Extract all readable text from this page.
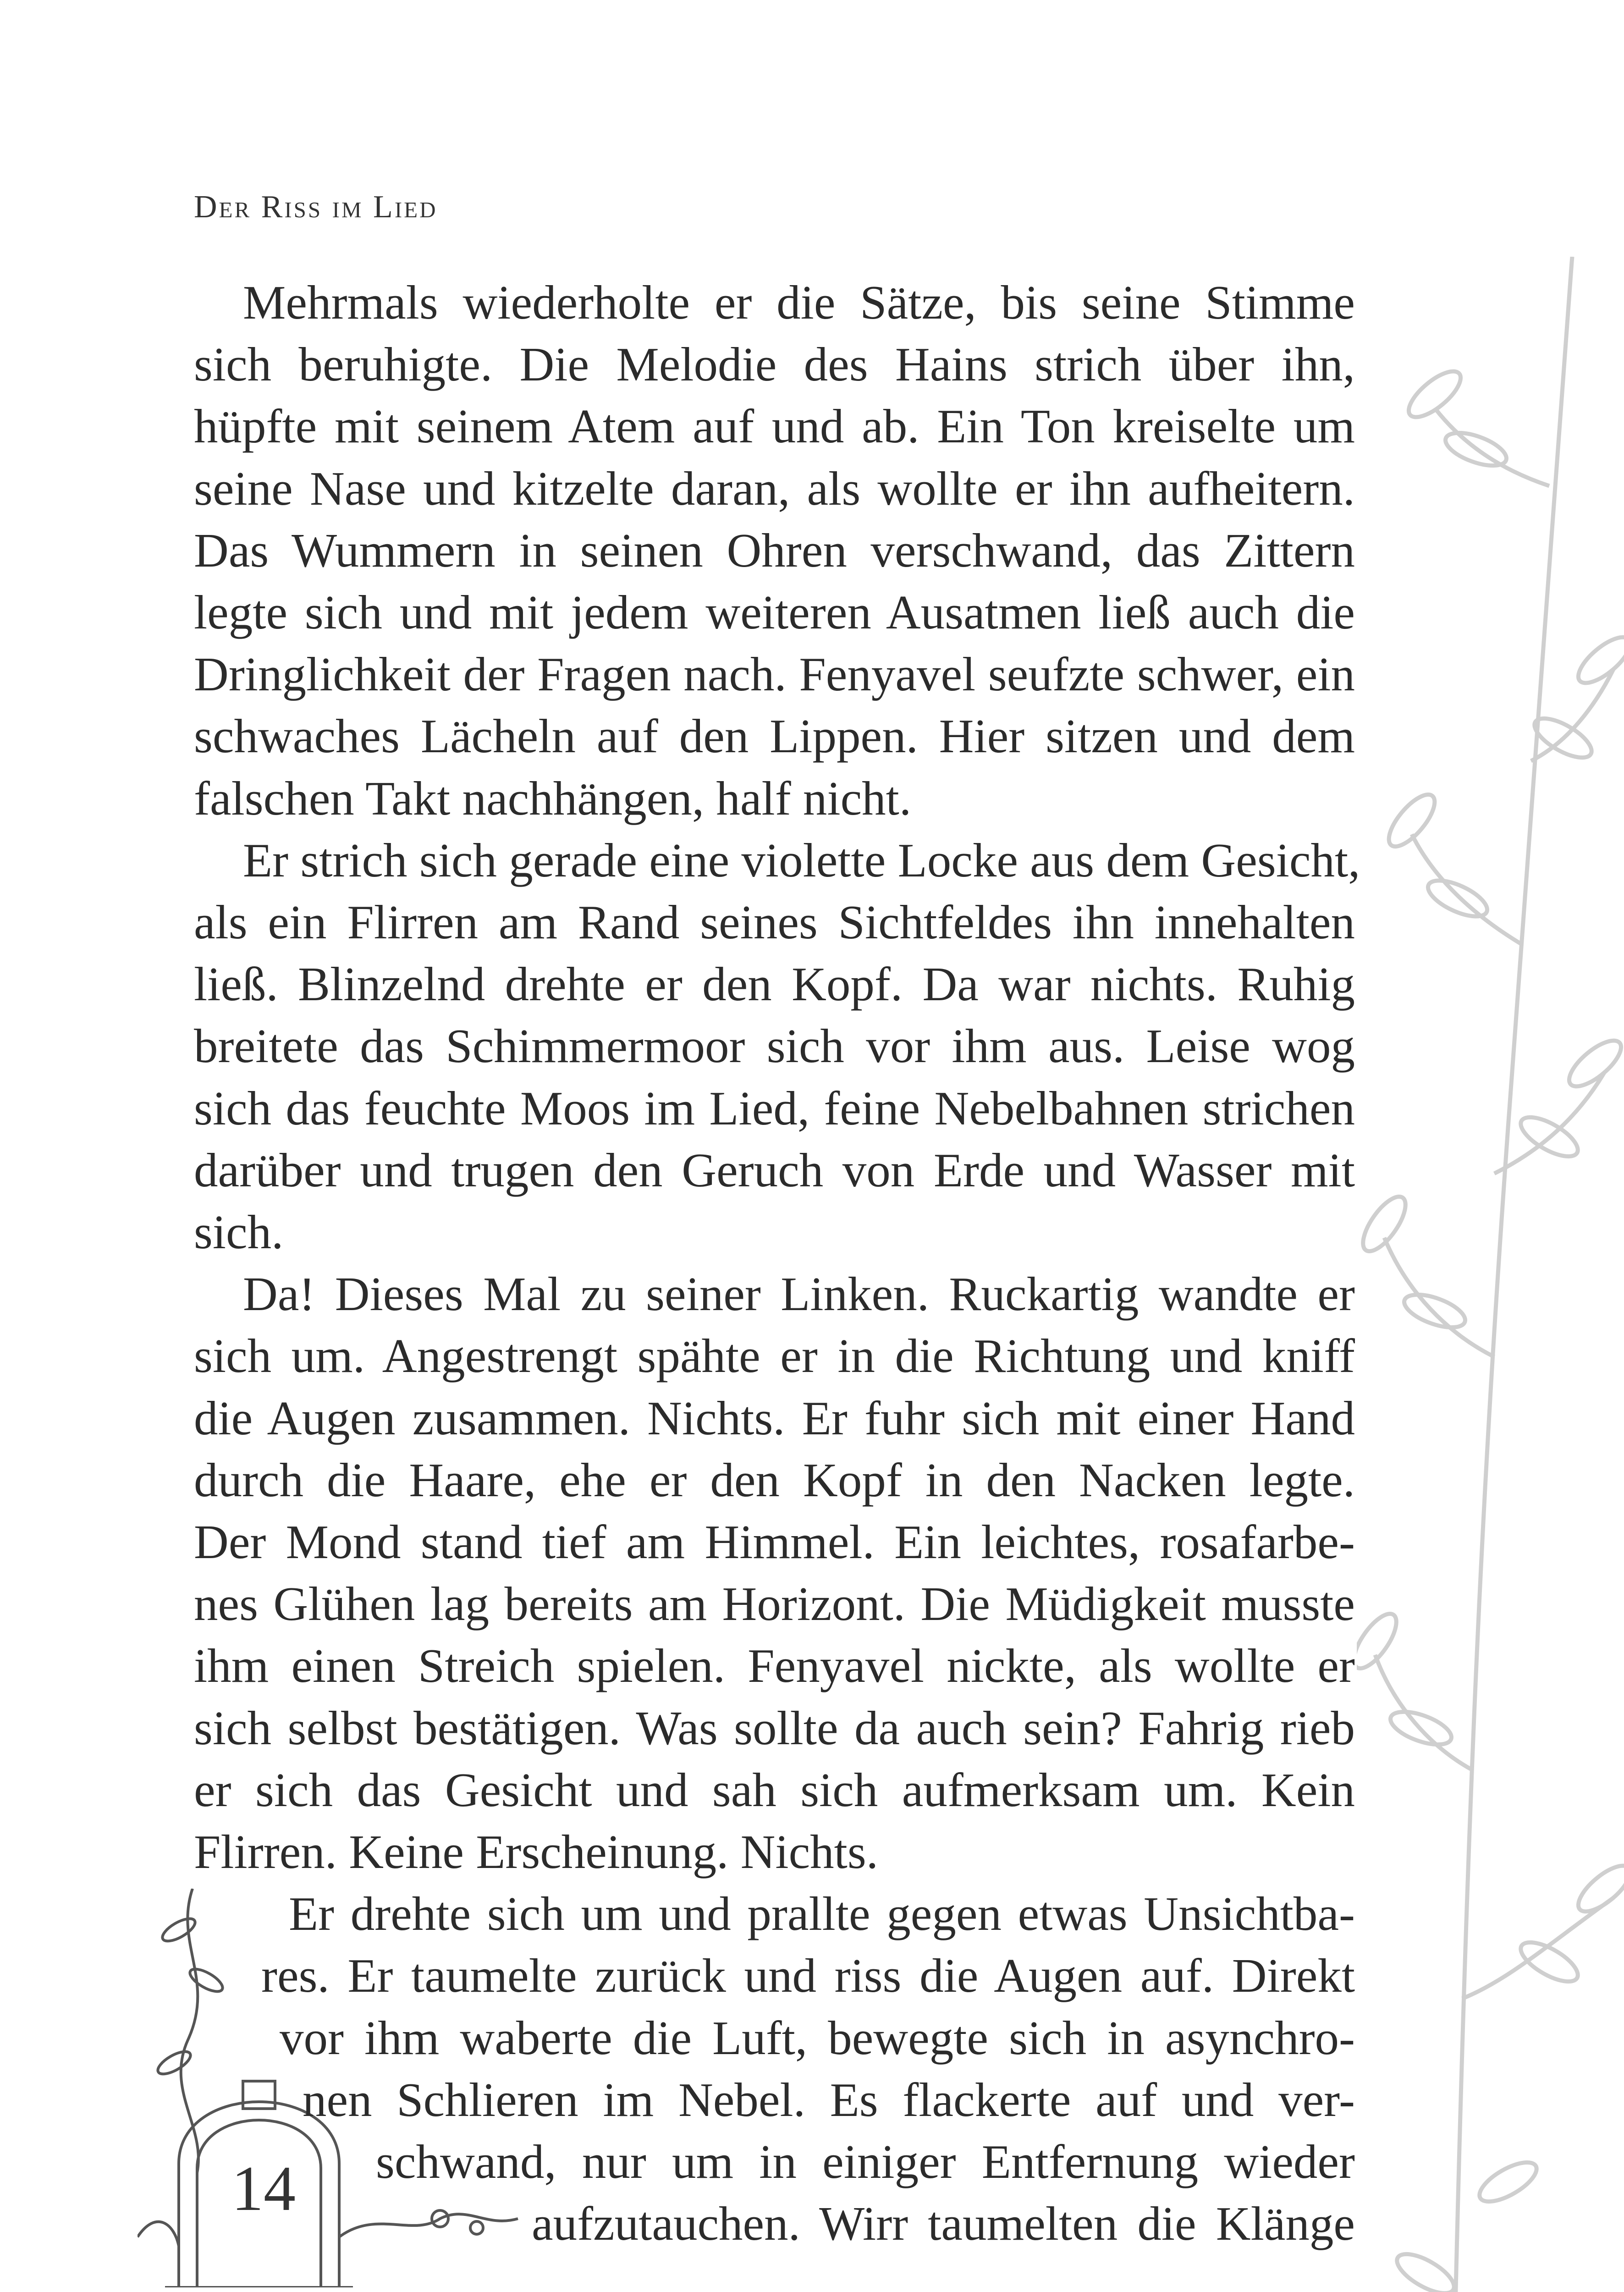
Der Riss im Lied
14
Mehrmals wiederholte er die Sätze, bis seine Stimme
sich beruhigte. Die Melodie des Hains strich über ihn,
hüpfte mit seinem Atem auf und ab. Ein Ton kreiselte um
seine Nase und kitzelte daran, als wollte er ihn aufheitern.
Das Wummern in seinen Ohren verschwand, das Zittern
legte sich und mit jedem weiteren Ausatmen ließ auch die
Dringlichkeit der Fragen nach. Fenyavel seufzte schwer, ein
schwaches Lächeln auf den Lippen. Hier sitzen und dem
falschen Takt nachhängen, half nicht.
Er strich sich gerade eine violette Locke aus dem Gesicht,
als ein Flirren am Rand seines Sichtfeldes ihn innehalten
ließ. Blinzelnd drehte er den Kopf. Da war nichts. Ruhig
breitete das Schimmermoor sich vor ihm aus. Leise wog
sich das feuchte Moos im Lied, feine Nebelbahnen strichen
darüber und trugen den Geruch von Erde und Wasser mit
sich.
Da! Dieses Mal zu seiner Linken. Ruckartig wandte er
sich um. Angestrengt spähte er in die Richtung und kniff
die Augen zusammen. Nichts. Er fuhr sich mit einer Hand
durch die Haare, ehe er den Kopf in den Nacken legte.
Der Mond stand tief am Himmel. Ein leichtes, rosafarbe-
nes Glühen lag bereits am Horizont. Die Müdigkeit musste
ihm einen Streich spielen. Fenyavel nickte, als wollte er
sich selbst bestätigen. Was sollte da auch sein? Fahrig rieb
er sich das Gesicht und sah sich aufmerksam um. Kein
Flirren. Keine Erscheinung. Nichts.
Er drehte sich um und prallte gegen etwas Unsichtba-
res. Er taumelte zurück und riss die Augen auf. Direkt
vor ihm waberte die Luft, bewegte sich in asynchro-
nen Schlieren im Nebel. Es flackerte auf und ver-
schwand, nur um in einiger Entfernung wieder
aufzutauchen. Wirr taumelten die Klänge
